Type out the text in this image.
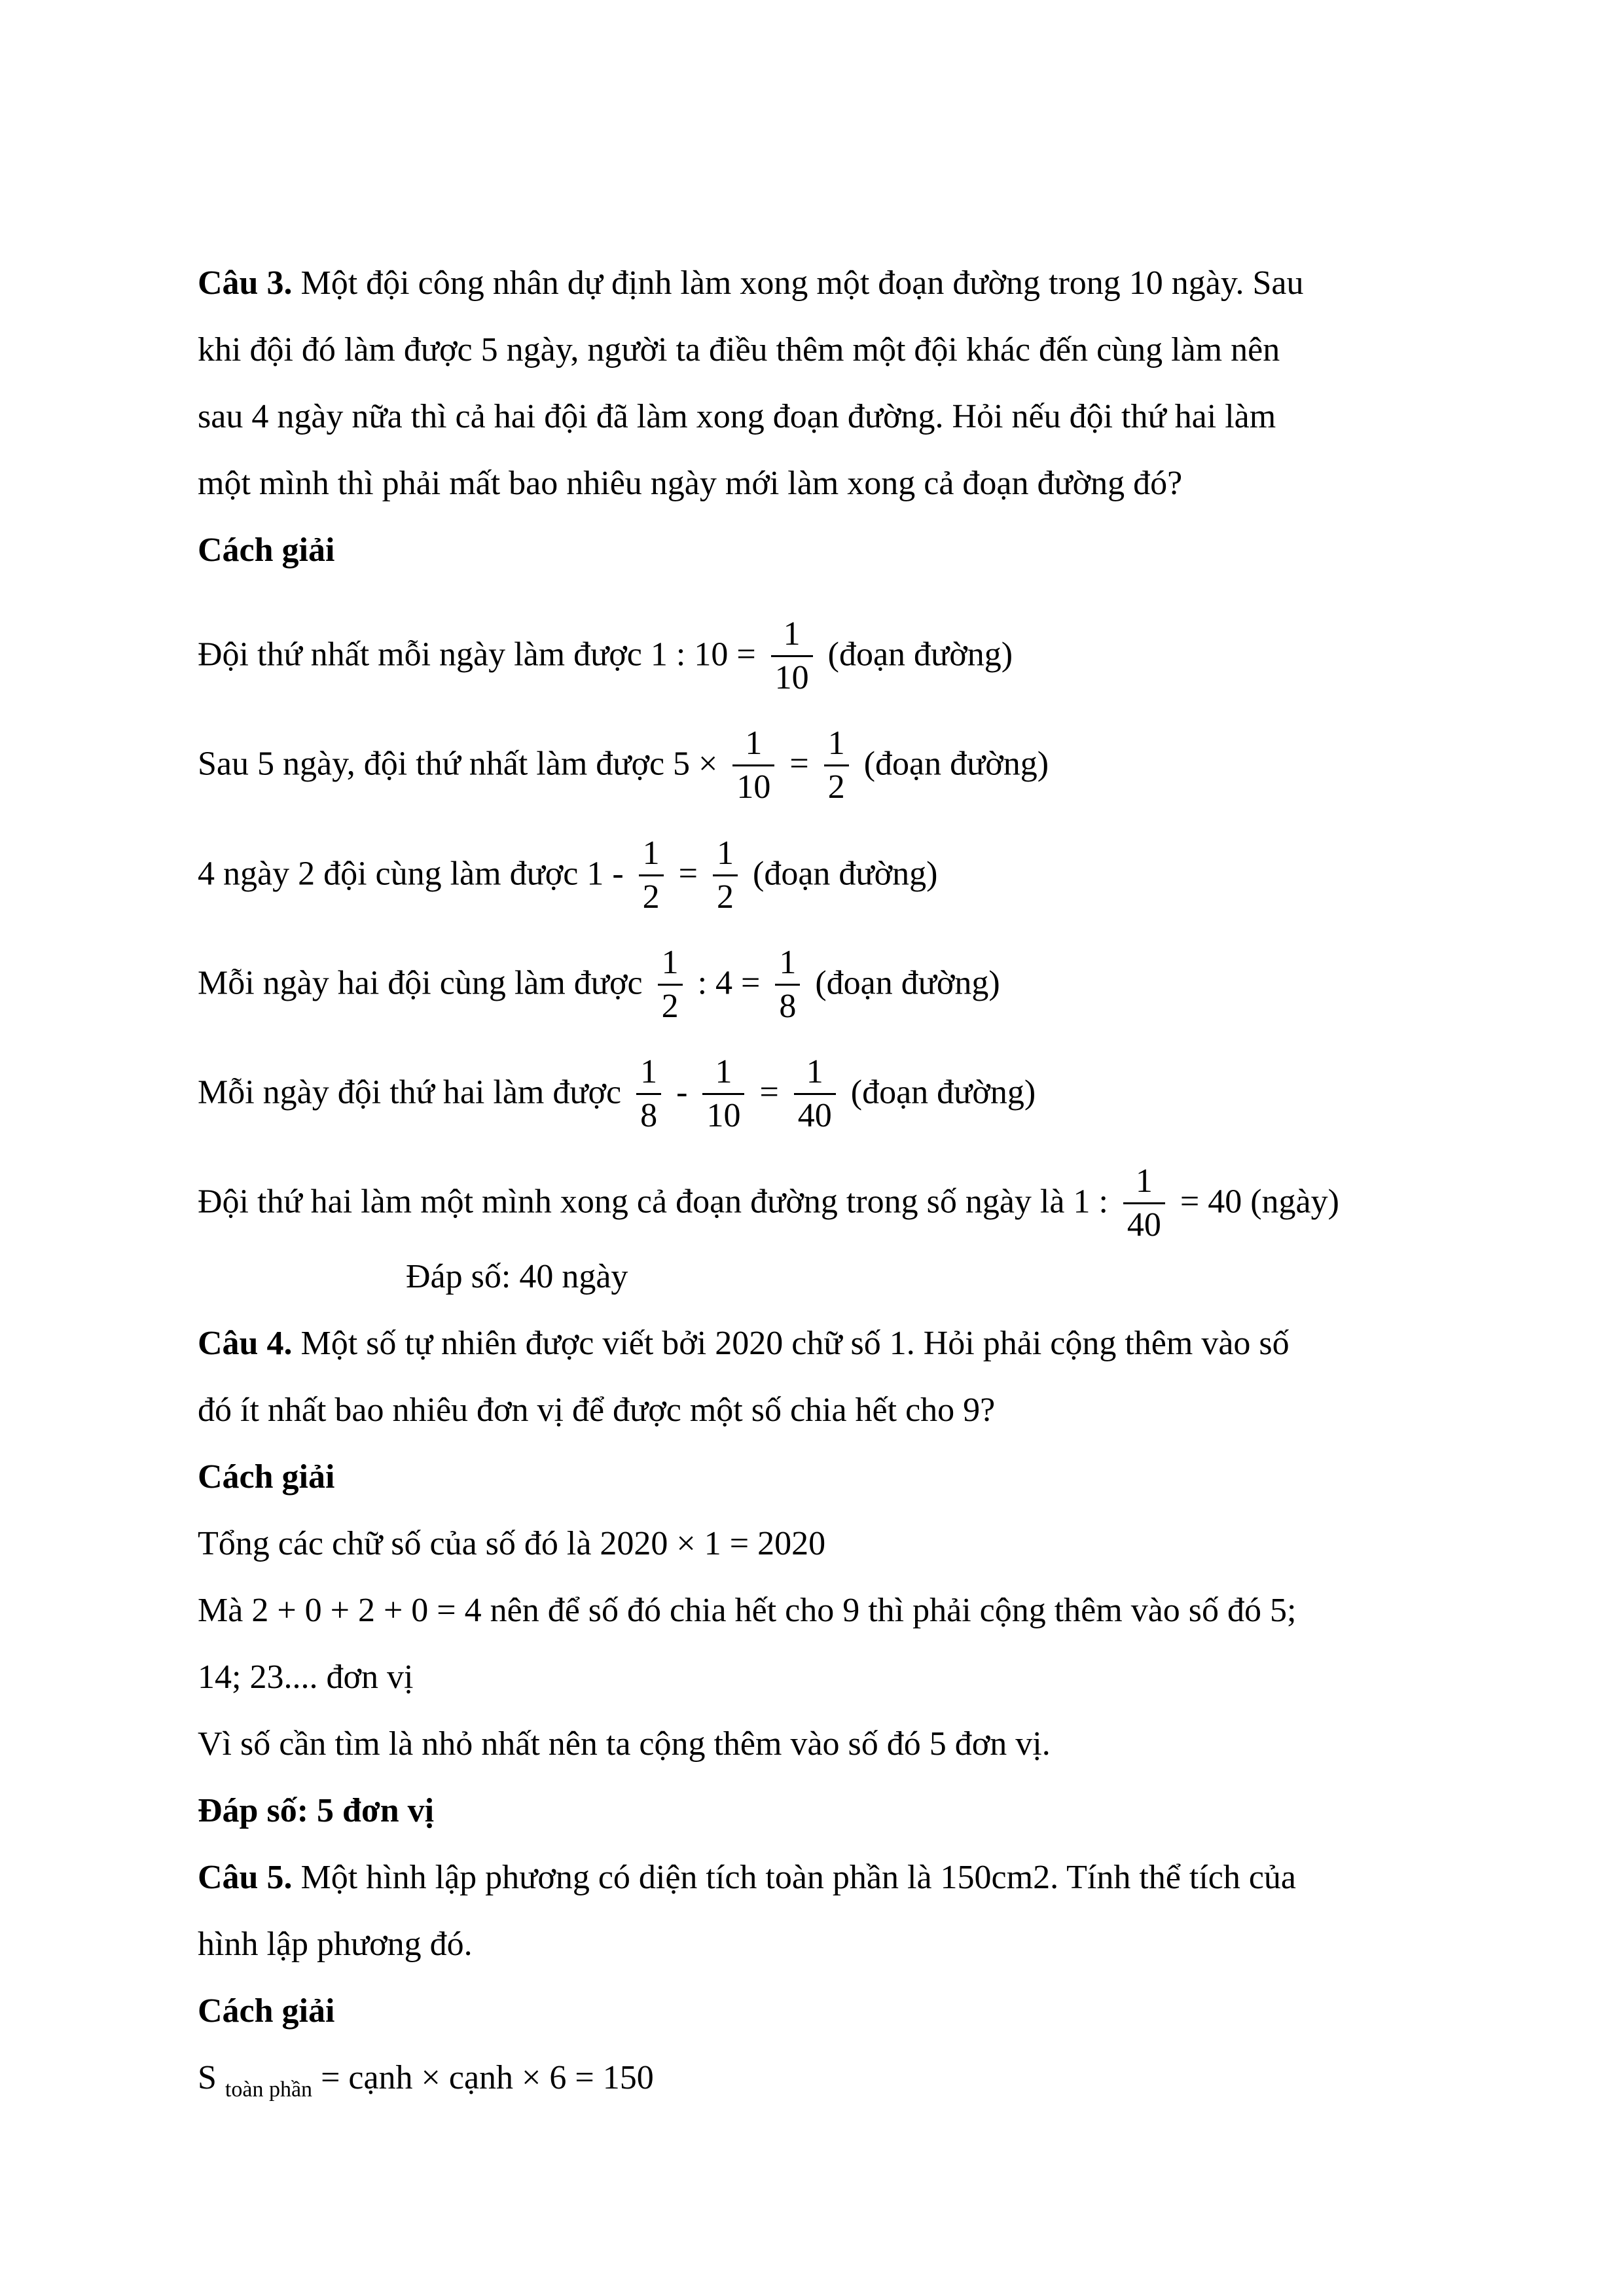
Câu 3. Một đội công nhân dự định làm xong một đoạn đường trong 10 ngày. Sau
khi đội đó làm được 5 ngày, người ta điều thêm một đội khác đến cùng làm nên
sau 4 ngày nữa thì cả hai đội đã làm xong đoạn đường. Hỏi nếu đội thứ hai làm
một mình thì phải mất bao nhiêu ngày mới làm xong cả đoạn đường đó?
Cách giải
Đội thứ nhất mỗi ngày làm được 1 : $10 = \frac{1}{10}$ (đoạn đường)
Sau 5 ngày, đội thứ nhất làm được $5 \times \frac{1}{10} = \frac{1}{2}$ (đoạn đường)
4 ngày 2 đội cùng làm được $1 - \frac{1}{2} = \frac{1}{2}$ (đoạn đường)
Mỗi ngày hai đội cùng làm được $\frac{1}{2}$ : $4 = \frac{1}{8}$ (đoạn đường)
Mỗi ngày đội thứ hai làm được $\frac{1}{8} - \frac{1}{10} = \frac{1}{40}$ (đoạn đường)
Đội thứ hai làm một mình xong cả đoạn đường trong số ngày là 1 : $\frac{1}{40} = 40$ (ngày)
Đáp số: 40 ngày
Câu 4. Một số tự nhiên được viết bởi 2020 chữ số 1. Hỏi phải cộng thêm vào số
đó ít nhất bao nhiêu đơn vị để được một số chia hết cho 9?
Cách giải
Tổng các chữ số của số đó là 2020 × 1 = 2020
Mà 2 + 0 + 2 + 0 = 4 nên để số đó chia hết cho 9 thì phải cộng thêm vào số đó 5;
14; 23.... đơn vị
Vì số cần tìm là nhỏ nhất nên ta cộng thêm vào số đó 5 đơn vị.
Đáp số: 5 đơn vị
Câu 5. Một hình lập phương có diện tích toàn phần là 150cm2. Tính thể tích của
hình lập phương đó.
Cách giải
S $_{toàn phần}$ = cạnh × cạnh × 6 = 150
